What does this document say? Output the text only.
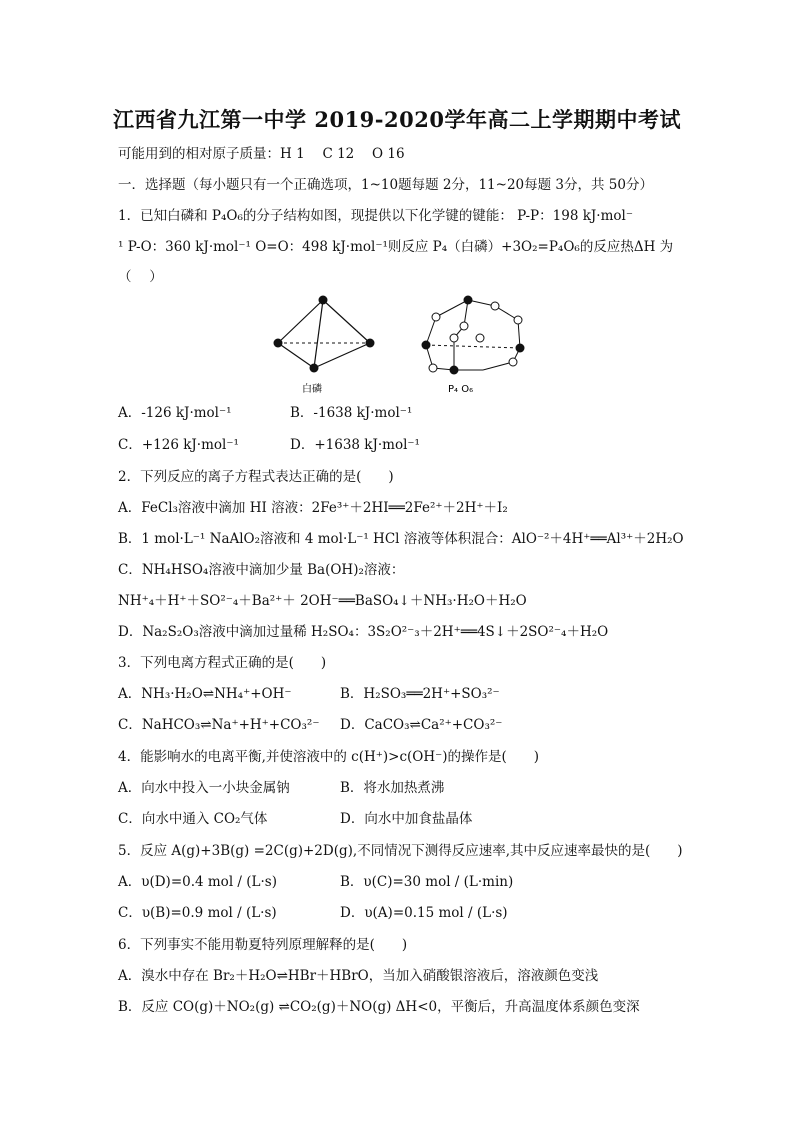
江西省九江第一中学 2019-2020学年高二上学期期中考试
可能用到的相对原子质量：H 1　 C 12　 O 16
一．选择题（每小题只有一个正确选项，1~10题每题 2分，11~20每题 3分，共 50分）
1．已知白磷和 P₄O₆的分子结构如图，现提供以下化学键的键能： P-P：198 kJ·mol⁻
¹ P-O：360 kJ·mol⁻¹ O=O：498 kJ·mol⁻¹则反应 P₄（白磷）+3O₂=P₄O₆的反应热ΔH 为
（　 ）
白磷	P₄ O₆
A．-126 kJ·mol⁻¹	B．-1638 kJ·mol⁻¹
C．+126 kJ·mol⁻¹	D．+1638 kJ·mol⁻¹
2．下列反应的离子方程式表达正确的是(　　)
A．FeCl₃溶液中滴加 HI 溶液：2Fe³⁺＋2HI══2Fe²⁺＋2H⁺＋I₂
B．1 mol·L⁻¹ NaAlO₂溶液和 4 mol·L⁻¹ HCl 溶液等体积混合：AlO⁻²＋4H⁺══Al³⁺＋2H₂O
C．NH₄HSO₄溶液中滴加少量 Ba(OH)₂溶液：
NH⁺₄＋H⁺＋SO²⁻₄＋Ba²⁺＋ 2OH⁻══BaSO₄↓＋NH₃·H₂O＋H₂O
D．Na₂S₂O₃溶液中滴加过量稀 H₂SO₄：3S₂O²⁻₃＋2H⁺══4S↓＋2SO²⁻₄＋H₂O
3．下列电离方程式正确的是(　　)
A．NH₃·H₂O⇌NH₄⁺+OH⁻	B．H₂SO₃══2H⁺+SO₃²⁻
C．NaHCO₃⇌Na⁺+H⁺+CO₃²⁻ D．CaCO₃⇌Ca²⁺+CO₃²⁻
4．能影响水的电离平衡,并使溶液中的 c(H⁺)>c(OH⁻)的操作是(　　)
A．向水中投入一小块金属钠	B．将水加热煮沸
C．向水中通入 CO₂气体	D．向水中加食盐晶体
5．反应 A(g)+3B(g) =2C(g)+2D(g),不同情况下测得反应速率,其中反应速率最快的是(　　)
A．υ(D)=0.4 mol / (L·s)	B．υ(C)=30 mol / (L·min)
C．υ(B)=0.9 mol / (L·s)	D．υ(A)=0.15 mol / (L·s)
6．下列事实不能用勒夏特列原理解释的是(　　)
A．溴水中存在 Br₂＋H₂O⇌HBr＋HBrO，当加入硝酸银溶液后，溶液颜色变浅
B．反应 CO(g)＋NO₂(g) ⇌CO₂(g)＋NO(g) ΔH<0，平衡后，升高温度体系颜色变深
